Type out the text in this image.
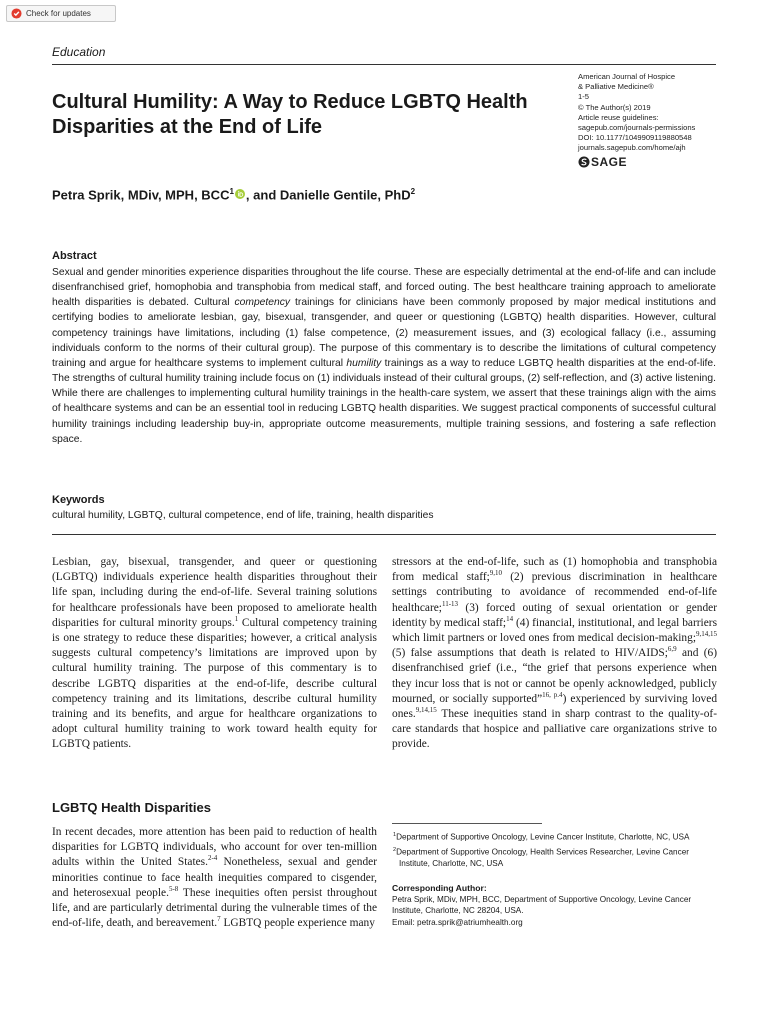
Check for updates
Education
Cultural Humility: A Way to Reduce LGBTQ Health Disparities at the End of Life
American Journal of Hospice
& Palliative Medicine®
1-5
© The Author(s) 2019
Article reuse guidelines:
sagepub.com/journals-permissions
DOI: 10.1177/1049909119880548
journals.sagepub.com/home/ajh
SAGE
Petra Sprik, MDiv, MPH, BCC$^1$ , and Danielle Gentile, PhD$^2$
Abstract

Sexual and gender minorities experience disparities throughout the life course. These are especially detrimental at the end-of-life and can include disenfranchised grief, homophobia and transphobia from medical staff, and forced outing. The best healthcare training approach to ameliorate health disparities is debated. Cultural competency trainings for clinicians have been commonly proposed by major medical institutions and certifying bodies to ameliorate lesbian, gay, bisexual, transgender, and queer or questioning (LGBTQ) health disparities. However, cultural competency trainings have limitations, including (1) false competence, (2) measurement issues, and (3) ecological fallacy (i.e., assuming individuals conform to the norms of their cultural group). The purpose of this commentary is to describe the limitations of cultural competency training and argue for healthcare systems to implement cultural humility trainings as a way to reduce LGBTQ health disparities at the end-of-life. The strengths of cultural humility training include focus on (1) individuals instead of their cultural groups, (2) self-reflection, and (3) active listening. While there are challenges to implementing cultural humility trainings in the health-care system, we assert that these trainings align with the aims of healthcare systems and can be an essential tool in reducing LGBTQ health disparities. We suggest practical components of successful cultural humility trainings including leadership buy-in, appropriate outcome measurements, multiple training sessions, and fostering a safe reflection space.

Keywords
cultural humility, LGBTQ, cultural competence, end of life, training, health disparities

Lesbian, gay, bisexual, transgender, and queer or questioning (LGBTQ) individuals experience health disparities throughout their life span, including during the end-of-life. Several training solutions for healthcare professionals have been proposed to ameliorate health disparities for cultural minority groups.$^1$ Cultural competency training is one strategy to reduce these disparities; however, a critical analysis suggests cultural competency’s limitations are improved upon by cultural humility training. The purpose of this commentary is to describe LGBTQ disparities at the end-of-life, describe cultural competency training and its limitations, describe cultural humility training and its benefits, and argue for healthcare organizations to adopt cultural humility training to work toward health equity for LGBTQ patients.

stressors at the end-of-life, such as (1) homophobia and transphobia from medical staff;$^{9,10}$ (2) previous discrimination in healthcare settings contributing to avoidance of recommended end-of-life healthcare;$^{11-13}$ (3) forced outing of sexual orientation or gender identity by medical staff;$^{14}$ (4) financial, institutional, and legal barriers which limit partners or loved ones from medical decision-making;$^{9,14,15}$ (5) false assumptions that death is related to HIV/AIDS;$^{6,9}$ and (6) disenfranchised grief (i.e., “the grief that persons experience when they incur loss that is not or cannot be openly acknowledged, publicly mourned, or socially supported”$^{16, p.4}$) experienced by surviving loved ones.$^{9,14,15}$ These inequities stand in sharp contrast to the quality-of-care standards that hospice and palliative care organizations strive to provide.

LGBTQ Health Disparities

In recent decades, more attention has been paid to reduction of health disparities for LGBTQ individuals, who account for over ten-million adults within the United States.$^{2-4}$ Nonetheless, sexual and gender minorities continue to face health inequities compared to cisgender, and heterosexual people.$^{5-8}$ These inequities often persist throughout life, and are particularly detrimental during the vulnerable times of the end-of-life, death, and bereavement.$^7$ LGBTQ people experience many

$^1$Department of Supportive Oncology, Levine Cancer Institute, Charlotte, NC, USA
$^2$Department of Supportive Oncology, Health Services Researcher, Levine Cancer Institute, Charlotte, NC, USA
Corresponding Author:
Petra Sprik, MDiv, MPH, BCC, Department of Supportive Oncology, Levine Cancer Institute, Charlotte, NC 28204, USA.
Email: petra.sprik@atriumhealth.org
